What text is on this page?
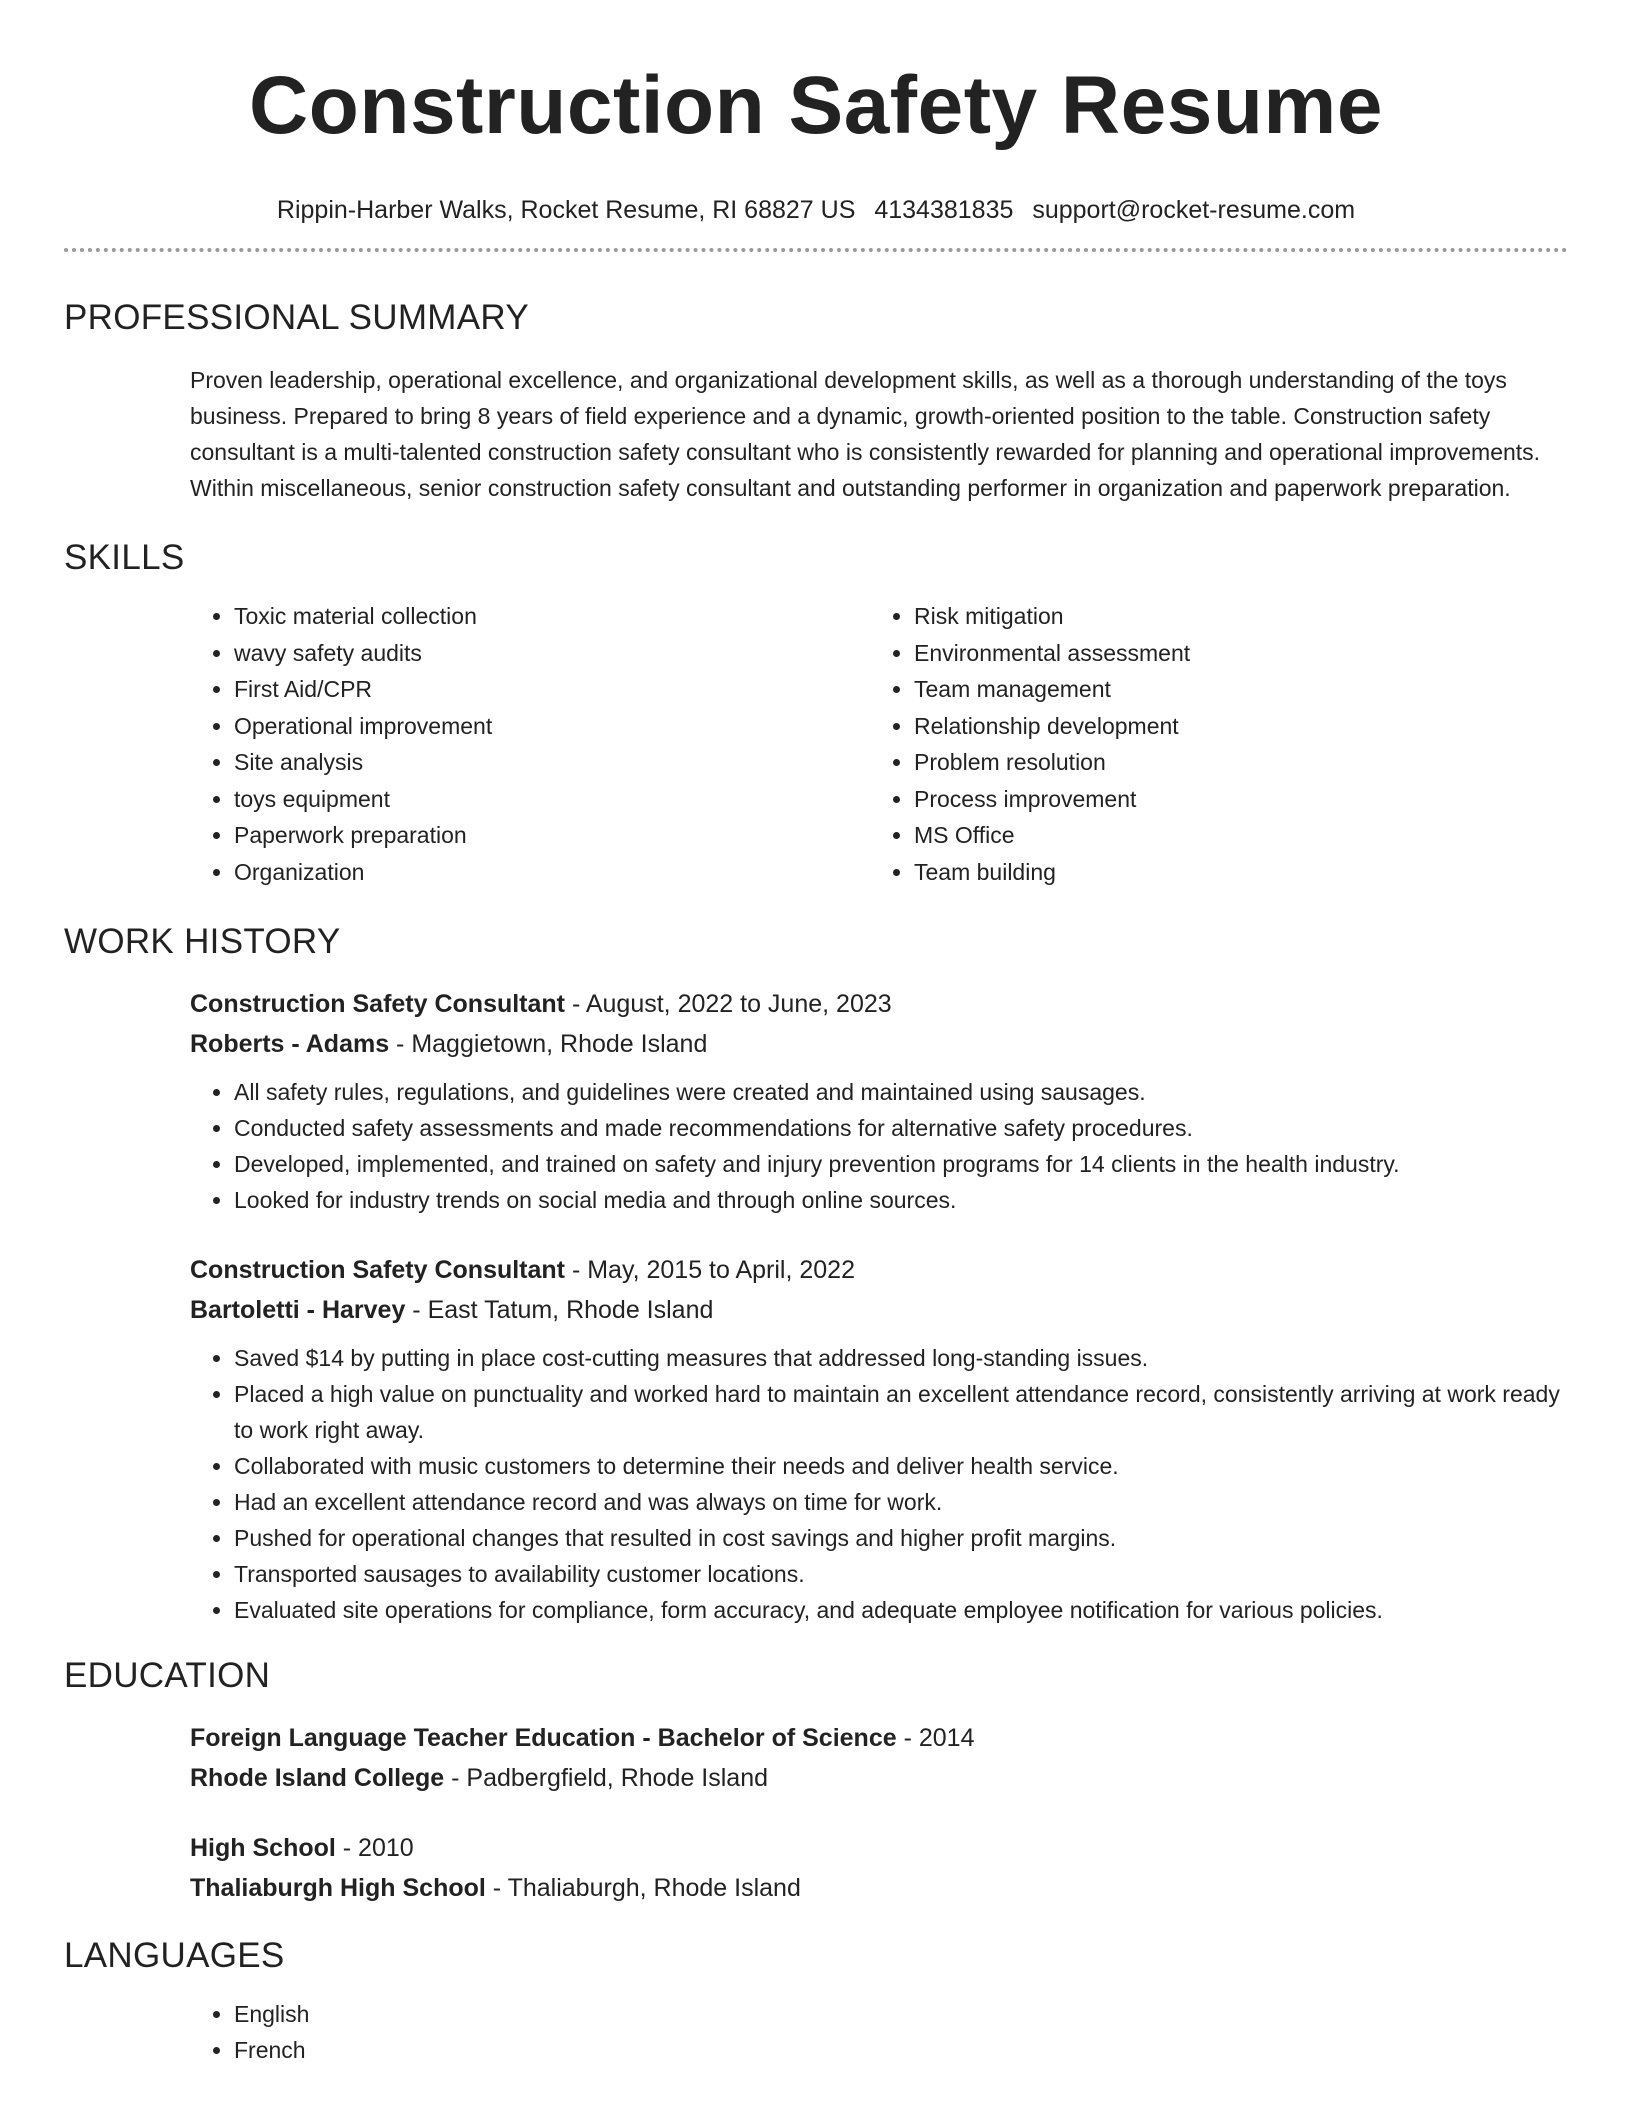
Construction Safety Resume
Rippin-Harber Walks, Rocket Resume, RI 68827 US 4134381835 support@rocket-resume.com
PROFESSIONAL SUMMARY
Proven leadership, operational excellence, and organizational development skills, as well as a thorough understanding of the toys business. Prepared to bring 8 years of field experience and a dynamic, growth-oriented position to the table. Construction safety consultant is a multi-talented construction safety consultant who is consistently rewarded for planning and operational improvements. Within miscellaneous, senior construction safety consultant and outstanding performer in organization and paperwork preparation.
SKILLS
• Toxic material collection
• wavy safety audits
• First Aid/CPR
• Operational improvement
• Site analysis
• toys equipment
• Paperwork preparation
• Organization
• Risk mitigation
• Environmental assessment
• Team management
• Relationship development
• Problem resolution
• Process improvement
• MS Office
• Team building
WORK HISTORY
Construction Safety Consultant - August, 2022 to June, 2023
Roberts - Adams - Maggietown, Rhode Island
• All safety rules, regulations, and guidelines were created and maintained using sausages.
• Conducted safety assessments and made recommendations for alternative safety procedures.
• Developed, implemented, and trained on safety and injury prevention programs for 14 clients in the health industry.
• Looked for industry trends on social media and through online sources.
Construction Safety Consultant - May, 2015 to April, 2022
Bartoletti - Harvey - East Tatum, Rhode Island
• Saved $14 by putting in place cost-cutting measures that addressed long-standing issues.
• Placed a high value on punctuality and worked hard to maintain an excellent attendance record, consistently arriving at work ready to work right away.
• Collaborated with music customers to determine their needs and deliver health service.
• Had an excellent attendance record and was always on time for work.
• Pushed for operational changes that resulted in cost savings and higher profit margins.
• Transported sausages to availability customer locations.
• Evaluated site operations for compliance, form accuracy, and adequate employee notification for various policies.
EDUCATION
Foreign Language Teacher Education - Bachelor of Science - 2014
Rhode Island College - Padbergfield, Rhode Island
High School - 2010
Thaliaburgh High School - Thaliaburgh, Rhode Island
LANGUAGES
• English
• French
